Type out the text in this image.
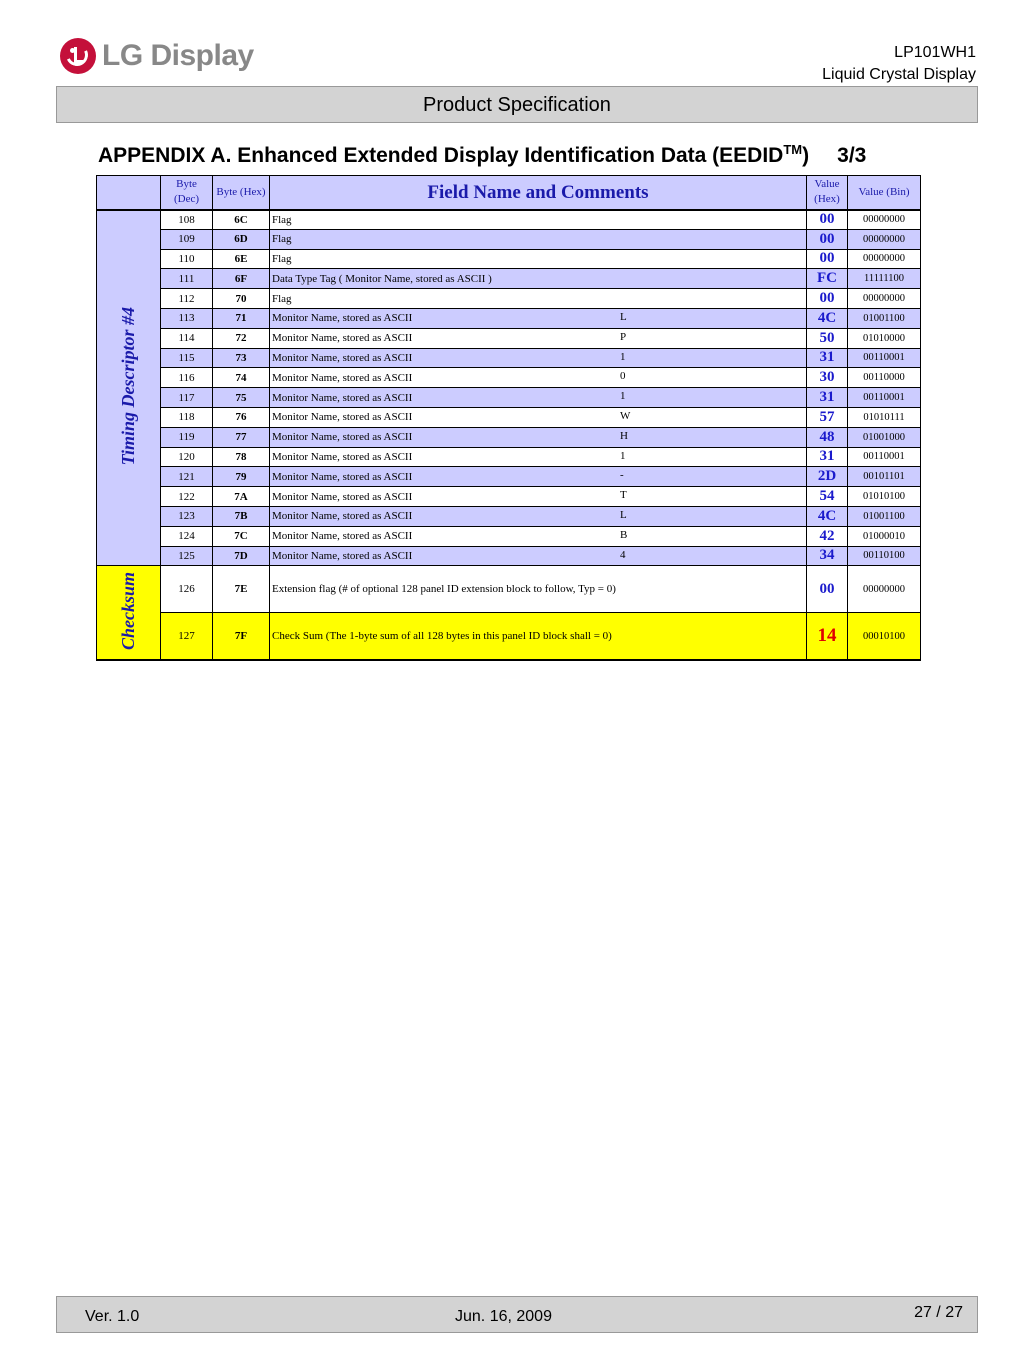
LG Display	LP101WH1
Liquid Crystal Display
Product Specification
APPENDIX A. Enhanced Extended Display Identification Data (EEDID™) 3/3
	Byte (Dec)	Byte (Hex)	Field Name and Comments	Value (Hex)	Value (Bin)
Timing Descriptor #4	108	6C	Flag	00	00000000
	109	6D	Flag	00	00000000
	110	6E	Flag	00	00000000
	111	6F	Data Type Tag ( Monitor Name, stored as ASCII )	FC	11111100
	112	70	Flag	00	00000000
	113	71	Monitor Name, stored as ASCII L	4C	01001100
	114	72	Monitor Name, stored as ASCII P	50	01010000
	115	73	Monitor Name, stored as ASCII 1	31	00110001
	116	74	Monitor Name, stored as ASCII 0	30	00110000
	117	75	Monitor Name, stored as ASCII 1	31	00110001
	118	76	Monitor Name, stored as ASCII W	57	01010111
	119	77	Monitor Name, stored as ASCII H	48	01001000
	120	78	Monitor Name, stored as ASCII 1	31	00110001
	121	79	Monitor Name, stored as ASCII -	2D	00101101
	122	7A	Monitor Name, stored as ASCII T	54	01010100
	123	7B	Monitor Name, stored as ASCII L	4C	01001100
	124	7C	Monitor Name, stored as ASCII B	42	01000010
	125	7D	Monitor Name, stored as ASCII 4	34	00110100
Checksum	126	7E	Extension flag (# of optional 128 panel ID extension block to follow, Typ = 0)	00	00000000
	127	7F	Check Sum (The 1-byte sum of all 128 bytes in this panel ID block shall = 0)	14	00010100
Ver. 1.0	Jun. 16, 2009	27 / 27
